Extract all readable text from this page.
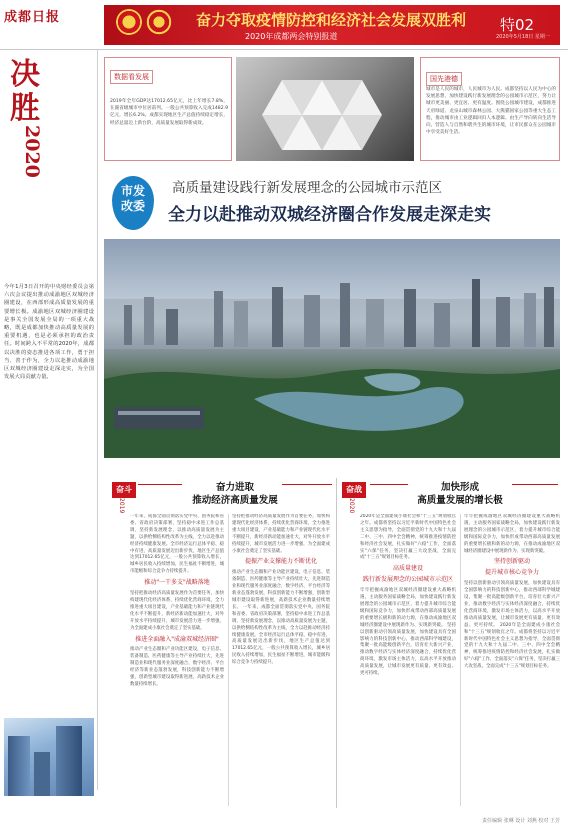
成都日报	奋力夺取疫情防控和经济社会发展双胜利
2020年成都两会特别报道
特02
2020年5月18日 星期一
决胜
2020
今年1月3日召开的中央财经委员会第六次会议提出推动成渝地区双城经济圈建设，在西部形成高质量发展的重要增长极。成渝地区双城经济圈建设是事关全国发展全局的一项重大战略，既是成都加快推动高质量发展的重要机遇，也是必须承担的政治责任。时间跨入不平常的2020年，成都以决胜的姿态推进各项工作，勇于担当、善于作为，全力以赴推动成渝地区双城经济圈建设走深走实，为全国发展大局贡献力量。
数据看发展
2019年全年GDP达17012.65亿元，比上年增长7.8%，在副省级城市中位居前列。一般公共预算收入完成1482.9亿元，增长6.2%。成都实现地区生产总值持续稳定增长，经济总量迈上新台阶，高质量发展取得新成效。
国先港德
城市是人民的城市，人民城市为人民。成都坚持以人民为中心的发展思想，加快建设践行新发展理念的公园城市示范区，努力让城市更美丽、更宜居、更有温度。围绕公园城市建设，成都推进天府绿道、龙泉山城市森林公园、大熊猫国家公园等重大生态工程，推动城市由工业逻辑回归人本逻辑、由生产导向转向生活导向，营造人与自然和谐共生的城市环境，让市民群众在公园城市中享受美好生活。
市发改委
高质量建设践行新发展理念的公园城市示范区
全力以赴推动双城经济圈合作发展走深走实
奋斗
2019
奋力进取
推动经济高质量发展
一年来，成都全面贯彻落实党中央、国务院和省委、省政府决策部署，坚持稳中求进工作总基调，坚持新发展理念，以推动高质量发展为主题，以供给侧结构性改革为主线，全力以赴推动经济持续健康发展。全市经济运行总体平稳、稳中有进，高质量发展迈出新步伐，地区生产总值达到17012.65亿元，一般公共预算收入增长，城乡居民收入持续增加，民生福祉不断增进，城市能级和综合竞争力持续提升。
推动"一干多支"战略落地
坚持把推动经济高质量发展作为首要任务，加快构建现代化经济体系，持续优化营商环境，全力推进重大项目建设，产业基础能力和产业链现代化水平不断提升，新经济新动能加速壮大，对外开放水平持续提升，城市发展活力进一步增强，为全面建成小康社会奠定了坚实基础。
推进全面融入"成渝双城经济圈"
推动产业生态圈和产业功能区建设，电子信息、装备制造、医药健康等主导产业持续壮大，先进制造业和现代服务业深度融合，数字经济、平台经济等新业态蓬勃发展，科技创新能力不断增强，创新型城市建设取得新进展，高新技术企业数量持续增长。
坚持把推动经济高质量发展作为首要任务，加快构建现代化经济体系，持续优化营商环境，全力推进重大项目建设，产业基础能力和产业链现代化水平不断提升，新经济新动能加速壮大，对外开放水平持续提升，城市发展活力进一步增强，为全面建成小康社会奠定了坚实基础。
提振产业支撑能力不断优化
推动产业生态圈和产业功能区建设，电子信息、装备制造、医药健康等主导产业持续壮大，先进制造业和现代服务业深度融合，数字经济、平台经济等新业态蓬勃发展，科技创新能力不断增强，创新型城市建设取得新进展，高新技术企业数量持续增长。 一年来，成都全面贯彻落实党中央、国务院和省委、省政府决策部署，坚持稳中求进工作总基调，坚持新发展理念，以推动高质量发展为主题，以供给侧结构性改革为主线，全力以赴推动经济持续健康发展。全市经济运行总体平稳、稳中有进，高质量发展迈出新步伐，地区生产总值达到17012.65亿元，一般公共预算收入增长，城乡居民收入持续增加，民生福祉不断增进，城市能级和综合竞争力持续提升。
奋战
2020
加快形成
高质量发展的增长极
2020年是全面建成小康社会和"十三五"规划收官之年。成都将坚持以习近平新时代中国特色社会主义思想为指导，全面贯彻党的十九大和十九届二中、三中、四中全会精神，统筹推进疫情防控和经济社会发展，扎实做好"六稳"工作，全面落实"六保"任务，坚决打赢三大攻坚战，全面完成"十三五"规划目标任务。
高质量建设
践行新发展理念的公园城市示范区
牢牢把握成渝地区双城经济圈建设重大战略机遇，主动服务国家战略全局，加快建设践行新发展理念的公园城市示范区，着力提升城市综合能级和国际竞争力，加快形成带动西部高质量发展的重要增长极和新的动力源，在推动成渝地区双城经济圈建设中展现新作为、实现新突破。 坚持以创新驱动引领高质量发展，加快建设具有全国影响力的科技创新中心，推动西部科学城建设，集聚一批高能级创新平台，培育壮大新兴产业，推动数字经济与实体经济深度融合，持续优化营商环境，激发市场主体活力，以高水平开放推动高质量发展，让城市发展更有质量、更有效益、更可持续。
牢牢把握成渝地区双城经济圈建设重大战略机遇，主动服务国家战略全局，加快建设践行新发展理念的公园城市示范区，着力提升城市综合能级和国际竞争力，加快形成带动西部高质量发展的重要增长极和新的动力源，在推动成渝地区双城经济圈建设中展现新作为、实现新突破。
坚持创新驱动
提升城市核心竞争力
坚持以创新驱动引领高质量发展，加快建设具有全国影响力的科技创新中心，推动西部科学城建设，集聚一批高能级创新平台，培育壮大新兴产业，推动数字经济与实体经济深度融合，持续优化营商环境，激发市场主体活力，以高水平开放推动高质量发展，让城市发展更有质量、更有效益、更可持续。 2020年是全面建成小康社会和"十三五"规划收官之年。成都将坚持以习近平新时代中国特色社会主义思想为指导，全面贯彻党的十九大和十九届二中、三中、四中全会精神，统筹推进疫情防控和经济社会发展，扎实做好"六稳"工作，全面落实"六保"任务，坚决打赢三大攻坚战，全面完成"十三五"规划目标任务。
责任编辑 张琳 设计 刘燕 校对 王芳
